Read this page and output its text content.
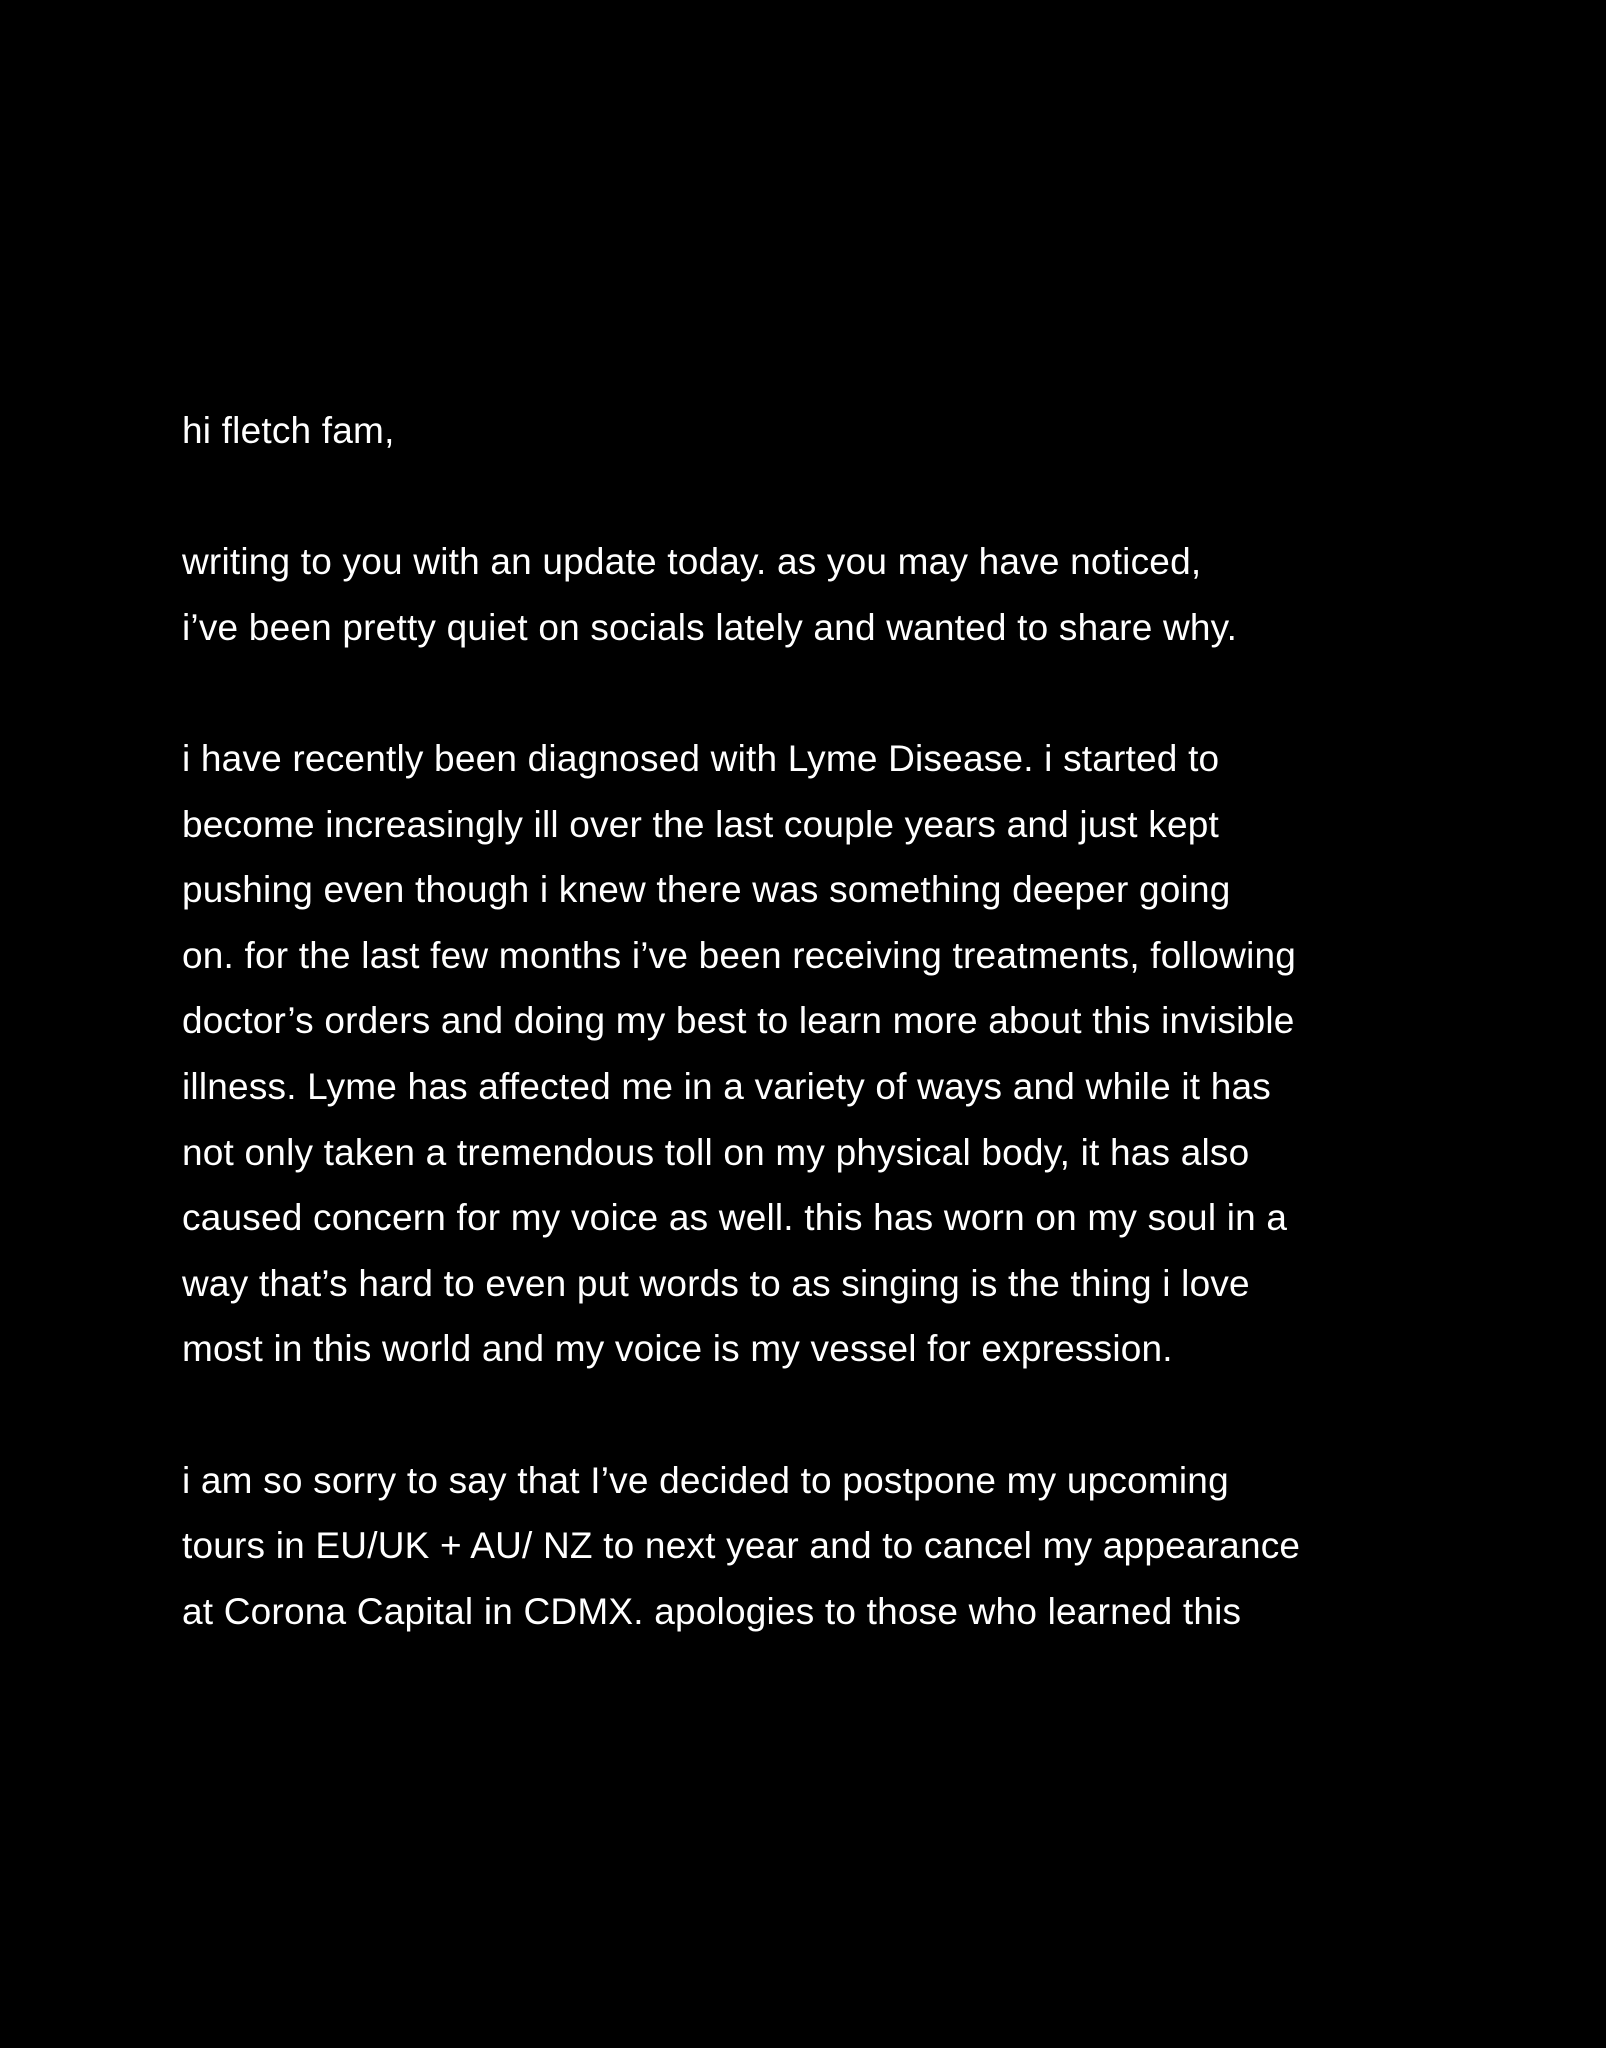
hi fletch fam,
writing to you with an update today. as you may have noticed,
i’ve been pretty quiet on socials lately and wanted to share why.
i have recently been diagnosed with Lyme Disease. i started to
become increasingly ill over the last couple years and just kept
pushing even though i knew there was something deeper going
on. for the last few months i’ve been receiving treatments, following
doctor’s orders and doing my best to learn more about this invisible
illness. Lyme has affected me in a variety of ways and while it has
not only taken a tremendous toll on my physical body, it has also
caused concern for my voice as well. this has worn on my soul in a
way that’s hard to even put words to as singing is the thing i love
most in this world and my voice is my vessel for expression.
i am so sorry to say that I’ve decided to postpone my upcoming
tours in EU/UK + AU/ NZ to next year and to cancel my appearance
at Corona Capital in CDMX. apologies to those who learned this
